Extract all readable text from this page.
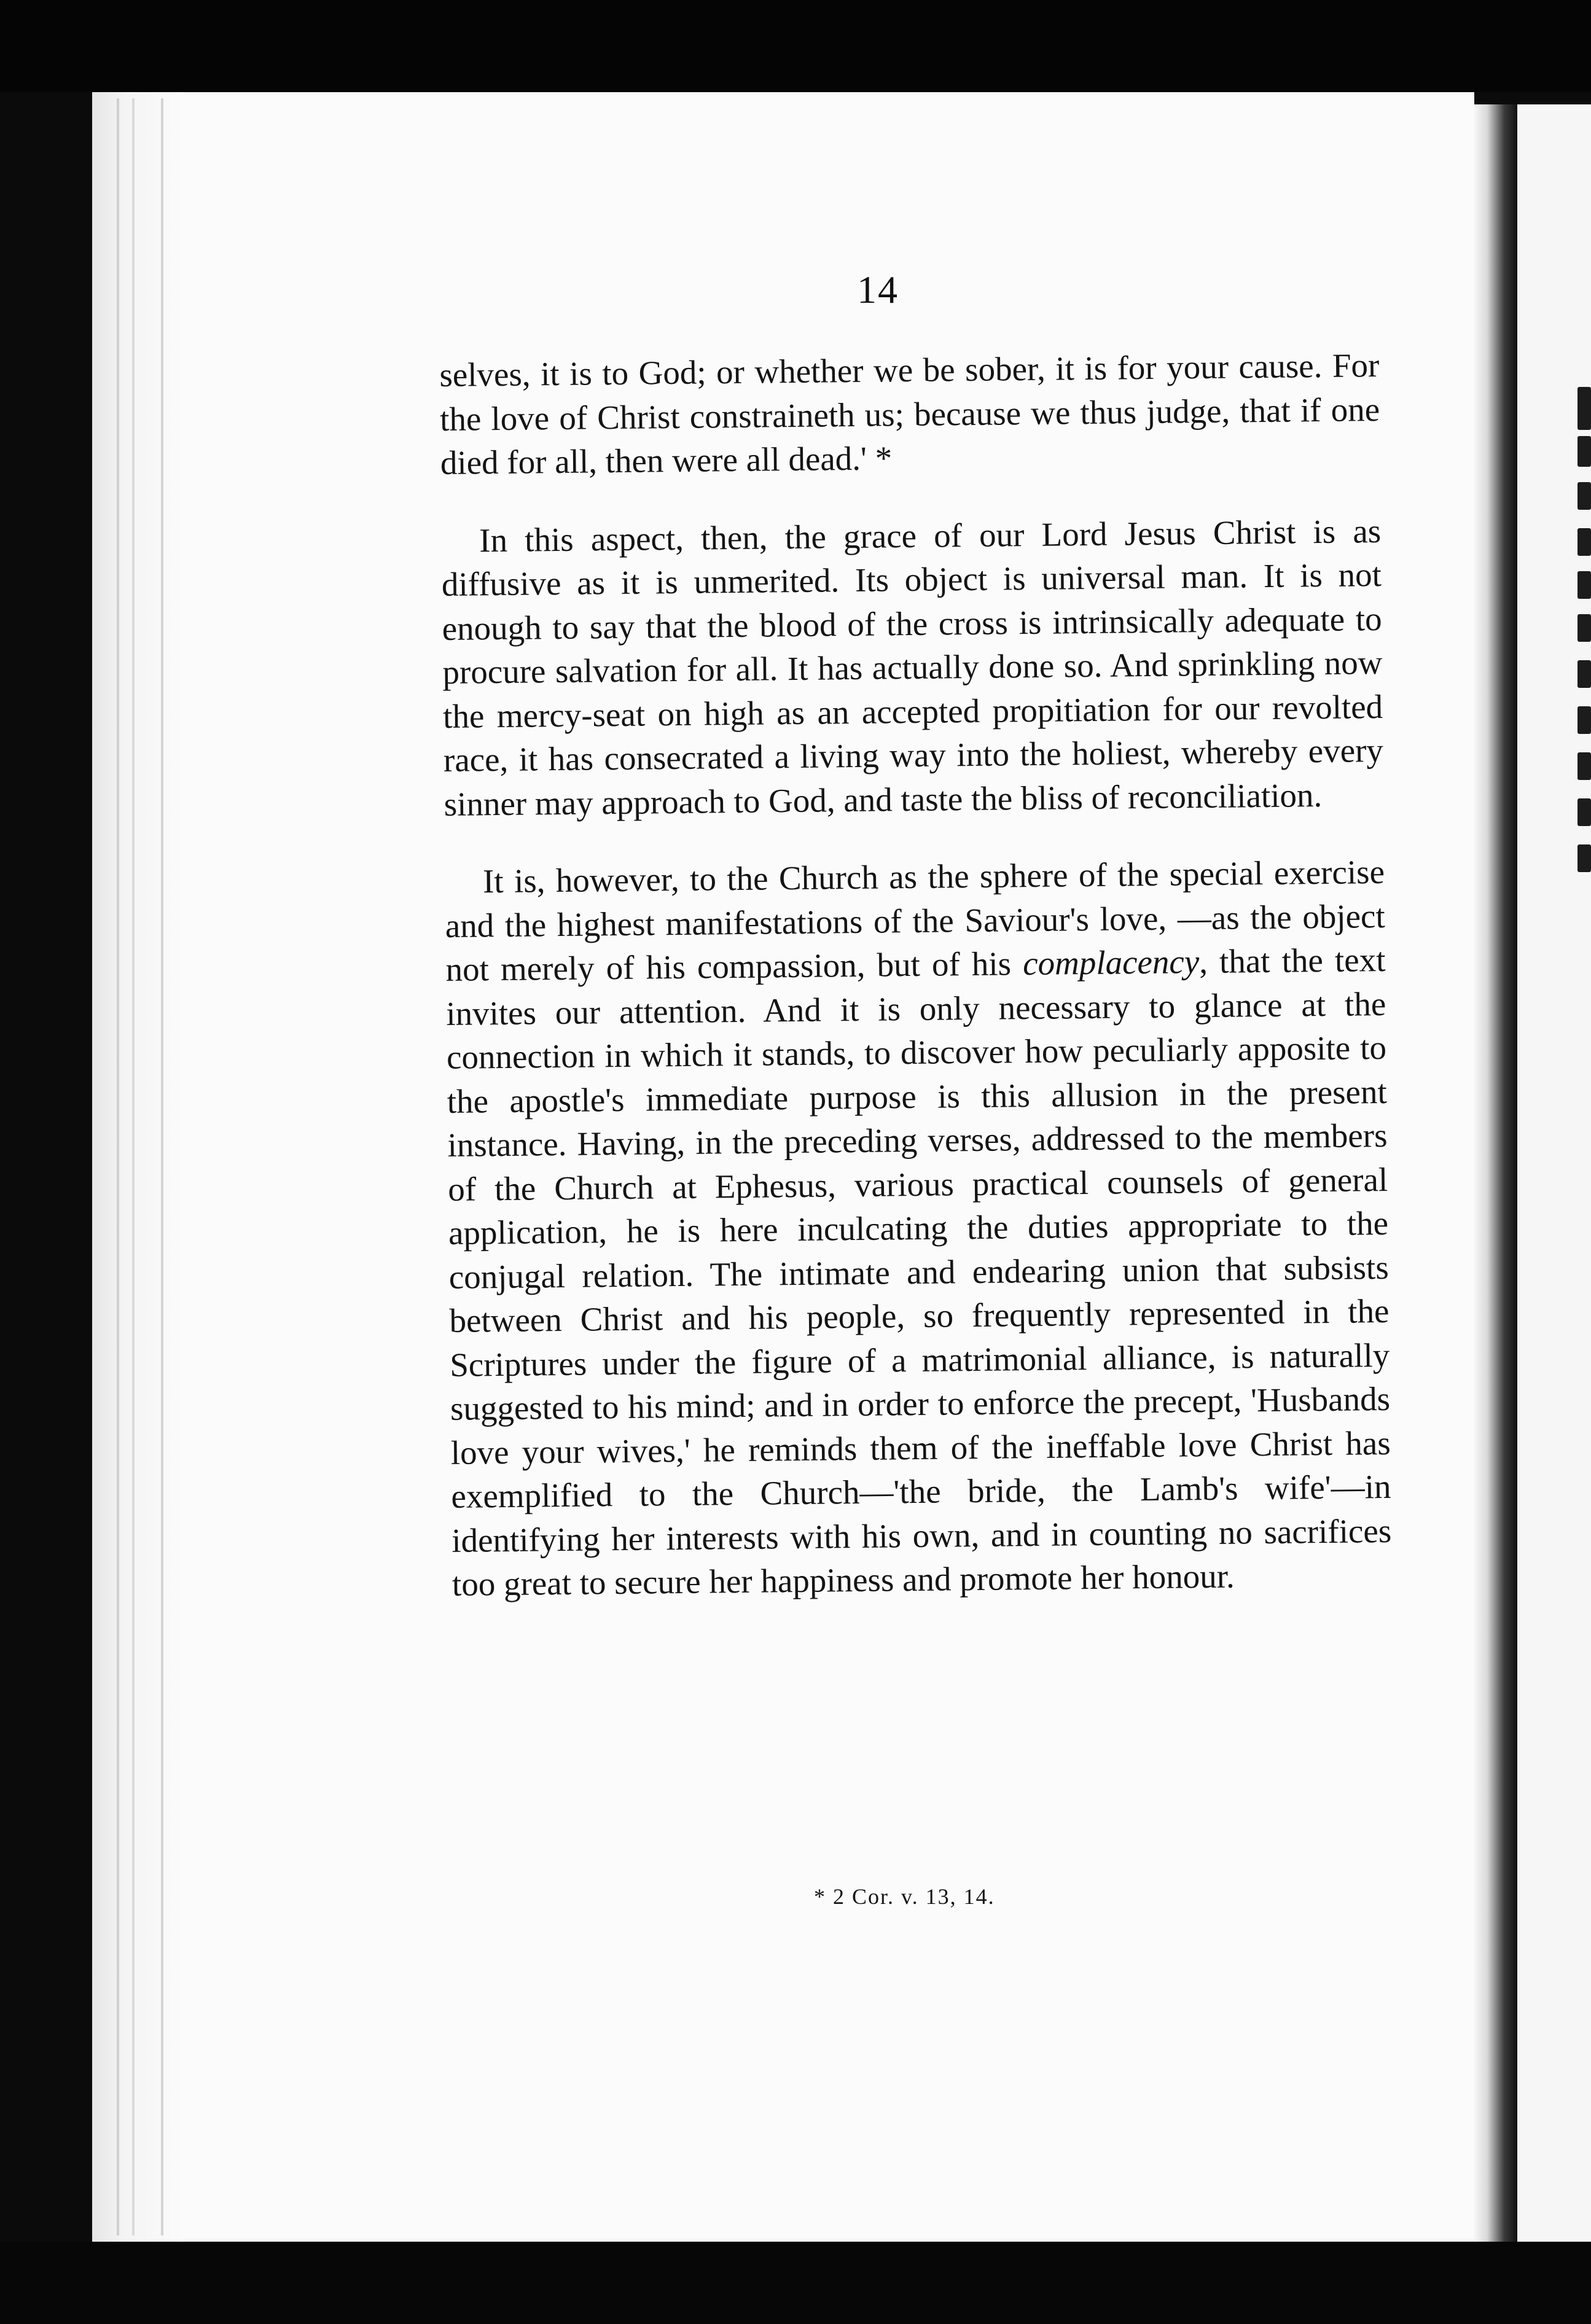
14

selves, it is to God; or whether we be sober, it is for your cause. For the love of Christ constraineth us; because we thus judge, that if one died for all, then were all dead.' *

In this aspect, then, the grace of our Lord Jesus Christ is as diffusive as it is unmerited. Its object is universal man. It is not enough to say that the blood of the cross is intrinsically adequate to procure salvation for all. It has actually done so. And sprinkling now the mercy-seat on high as an accepted propitiation for our revolted race, it has consecrated a living way into the holiest, whereby every sinner may approach to God, and taste the bliss of reconciliation.

It is, however, to the Church as the sphere of the special exercise and the highest manifestations of the Saviour's love, —as the object not merely of his compassion, but of his complacency, that the text invites our attention. And it is only necessary to glance at the connection in which it stands, to discover how peculiarly apposite to the apostle's immediate purpose is this allusion in the present instance. Having, in the preceding verses, addressed to the members of the Church at Ephesus, various practical counsels of general application, he is here inculcating the duties appropriate to the conjugal relation. The intimate and endearing union that subsists between Christ and his people, so frequently represented in the Scriptures under the figure of a matrimonial alliance, is naturally suggested to his mind; and in order to enforce the precept, 'Husbands love your wives,' he reminds them of the ineffable love Christ has exemplified to the Church—'the bride, the Lamb's wife'—in identifying her interests with his own, and in counting no sacrifices too great to secure her happiness and promote her honour.

* 2 Cor. v. 13, 14.
